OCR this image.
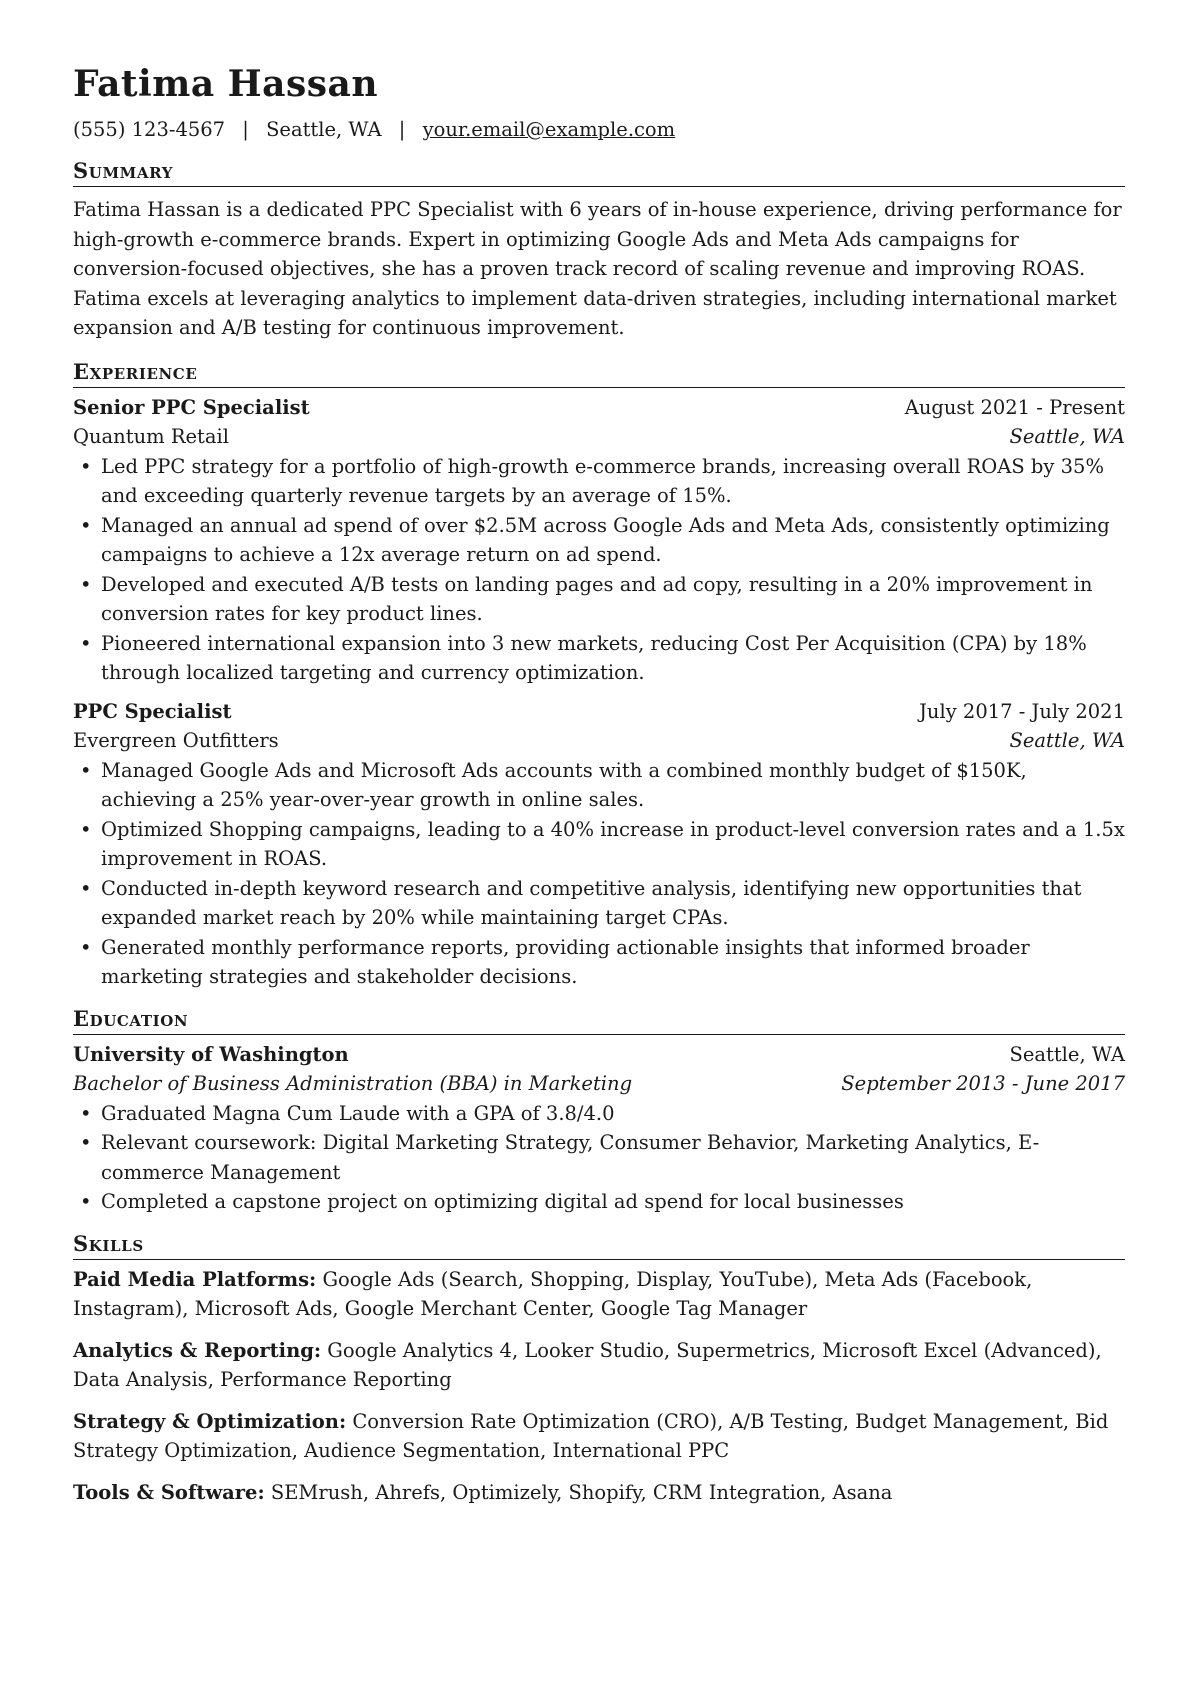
Fatima Hassan
(555) 123-4567 | Seattle, WA | your.email@example.com
Summary

Fatima Hassan is a dedicated PPC Specialist with 6 years of in-house experience, driving performance for high-growth e-commerce brands. Expert in optimizing Google Ads and Meta Ads campaigns for conversion-focused objectives, she has a proven track record of scaling revenue and improving ROAS. Fatima excels at leveraging analytics to implement data-driven strategies, including international market expansion and A/B testing for continuous improvement.

Experience
Senior PPC Specialist	August 2021 - Present
Quantum Retail	Seattle, WA
• Led PPC strategy for a portfolio of high-growth e-commerce brands, increasing overall ROAS by 35% and exceeding quarterly revenue targets by an average of 15%.
• Managed an annual ad spend of over $2.5M across Google Ads and Meta Ads, consistently optimizing campaigns to achieve a 12x average return on ad spend.
• Developed and executed A/B tests on landing pages and ad copy, resulting in a 20% improvement in conversion rates for key product lines.
• Pioneered international expansion into 3 new markets, reducing Cost Per Acquisition (CPA) by 18% through localized targeting and currency optimization.
PPC Specialist	July 2017 - July 2021
Evergreen Outfitters	Seattle, WA
• Managed Google Ads and Microsoft Ads accounts with a combined monthly budget of $150K, achieving a 25% year-over-year growth in online sales.
• Optimized Shopping campaigns, leading to a 40% increase in product-level conversion rates and a 1.5x improvement in ROAS.
• Conducted in-depth keyword research and competitive analysis, identifying new opportunities that expanded market reach by 20% while maintaining target CPAs.
• Generated monthly performance reports, providing actionable insights that informed broader marketing strategies and stakeholder decisions.
Education
University of Washington	Seattle, WA
Bachelor of Business Administration (BBA) in Marketing	September 2013 - June 2017
• Graduated Magna Cum Laude with a GPA of 3.8/4.0
• Relevant coursework: Digital Marketing Strategy, Consumer Behavior, Marketing Analytics, E-commerce Management
• Completed a capstone project on optimizing digital ad spend for local businesses
Skills
Paid Media Platforms: Google Ads (Search, Shopping, Display, YouTube), Meta Ads (Facebook, Instagram), Microsoft Ads, Google Merchant Center, Google Tag Manager
Analytics & Reporting: Google Analytics 4, Looker Studio, Supermetrics, Microsoft Excel (Advanced), Data Analysis, Performance Reporting
Strategy & Optimization: Conversion Rate Optimization (CRO), A/B Testing, Budget Management, Bid Strategy Optimization, Audience Segmentation, International PPC
Tools & Software: SEMrush, Ahrefs, Optimizely, Shopify, CRM Integration, Asana
